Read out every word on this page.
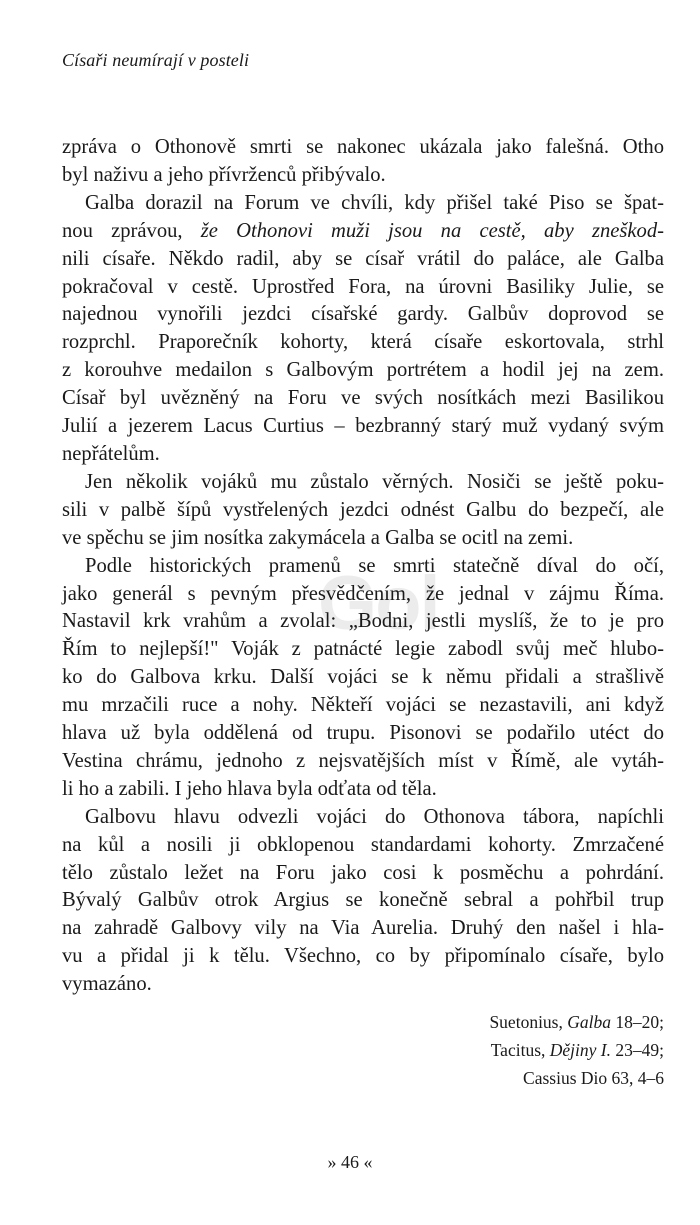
Císaři neumírají v posteli
Gol
zpráva o Othonově smrti se nakonec ukázala jako falešná. Otho
byl naživu a jeho přívrženců přibývalo.
Galba dorazil na Forum ve chvíli, kdy přišel také Piso se špat-
nou zprávou, že Othonovi muži jsou na cestě, aby zneškod-
nili císaře. Někdo radil, aby se císař vrátil do paláce, ale Galba
pokračoval v cestě. Uprostřed Fora, na úrovni Basiliky Julie, se
najednou vynořili jezdci císařské gardy. Galbův doprovod se
rozprchl. Praporečník kohorty, která císaře eskortovala, strhl
z korouhve medailon s Galbovým portrétem a hodil jej na zem.
Císař byl uvězněný na Foru ve svých nosítkách mezi Basilikou
Julií a jezerem Lacus Curtius – bezbranný starý muž vydaný svým
nepřátelům.
Jen několik vojáků mu zůstalo věrných. Nosiči se ještě poku-
sili v palbě šípů vystřelených jezdci odnést Galbu do bezpečí, ale
ve spěchu se jim nosítka zakymácela a Galba se ocitl na zemi.
Podle historických pramenů se smrti statečně díval do očí,
jako generál s pevným přesvědčením, že jednal v zájmu Říma.
Nastavil krk vrahům a zvolal: „Bodni, jestli myslíš, že to je pro
Řím to nejlepší!" Voják z patnácté legie zabodl svůj meč hlubo-
ko do Galbova krku. Další vojáci se k němu přidali a strašlivě
mu mrzačili ruce a nohy. Někteří vojáci se nezastavili, ani když
hlava už byla oddělená od trupu. Pisonovi se podařilo utéct do
Vestina chrámu, jednoho z nejsvatějších míst v Římě, ale vytáh-
li ho a zabili. I jeho hlava byla odťata od těla.
Galbovu hlavu odvezli vojáci do Othonova tábora, napíchli
na kůl a nosili ji obklopenou standardami kohorty. Zmrzačené
tělo zůstalo ležet na Foru jako cosi k posměchu a pohrdání.
Bývalý Galbův otrok Argius se konečně sebral a pohřbil trup
na zahradě Galbovy vily na Via Aurelia. Druhý den našel i hla-
vu a přidal ji k tělu. Všechno, co by připomínalo císaře, bylo
vymazáno.
Suetonius, Galba 18–20;
Tacitus, Dějiny I. 23–49;
Cassius Dio 63, 4–6
» 46 «
